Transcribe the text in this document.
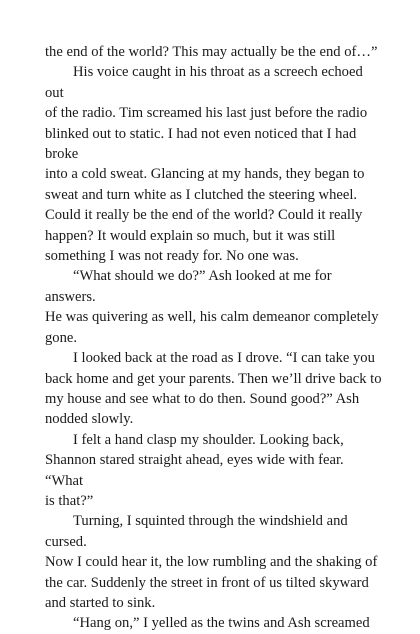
the end of the world? This may actually be the end of…”

His voice caught in his throat as a screech echoed out
of the radio. Tim screamed his last just before the radio
blinked out to static. I had not even noticed that I had broke
into a cold sweat. Glancing at my hands, they began to
sweat and turn white as I clutched the steering wheel.
Could it really be the end of the world? Could it really
happen? It would explain so much, but it was still
something I was not ready for. No one was.

“What should we do?” Ash looked at me for answers.
He was quivering as well, his calm demeanor completely
gone.

I looked back at the road as I drove. “I can take you
back home and get your parents. Then we’ll drive back to
my house and see what to do then. Sound good?” Ash
nodded slowly.

I felt a hand clasp my shoulder. Looking back,
Shannon stared straight ahead, eyes wide with fear. “What
is that?”

Turning, I squinted through the windshield and cursed.
Now I could hear it, the low rumbling and the shaking of
the car. Suddenly the street in front of us tilted skyward
and started to sink.

“Hang on,” I yelled as the twins and Ash screamed
